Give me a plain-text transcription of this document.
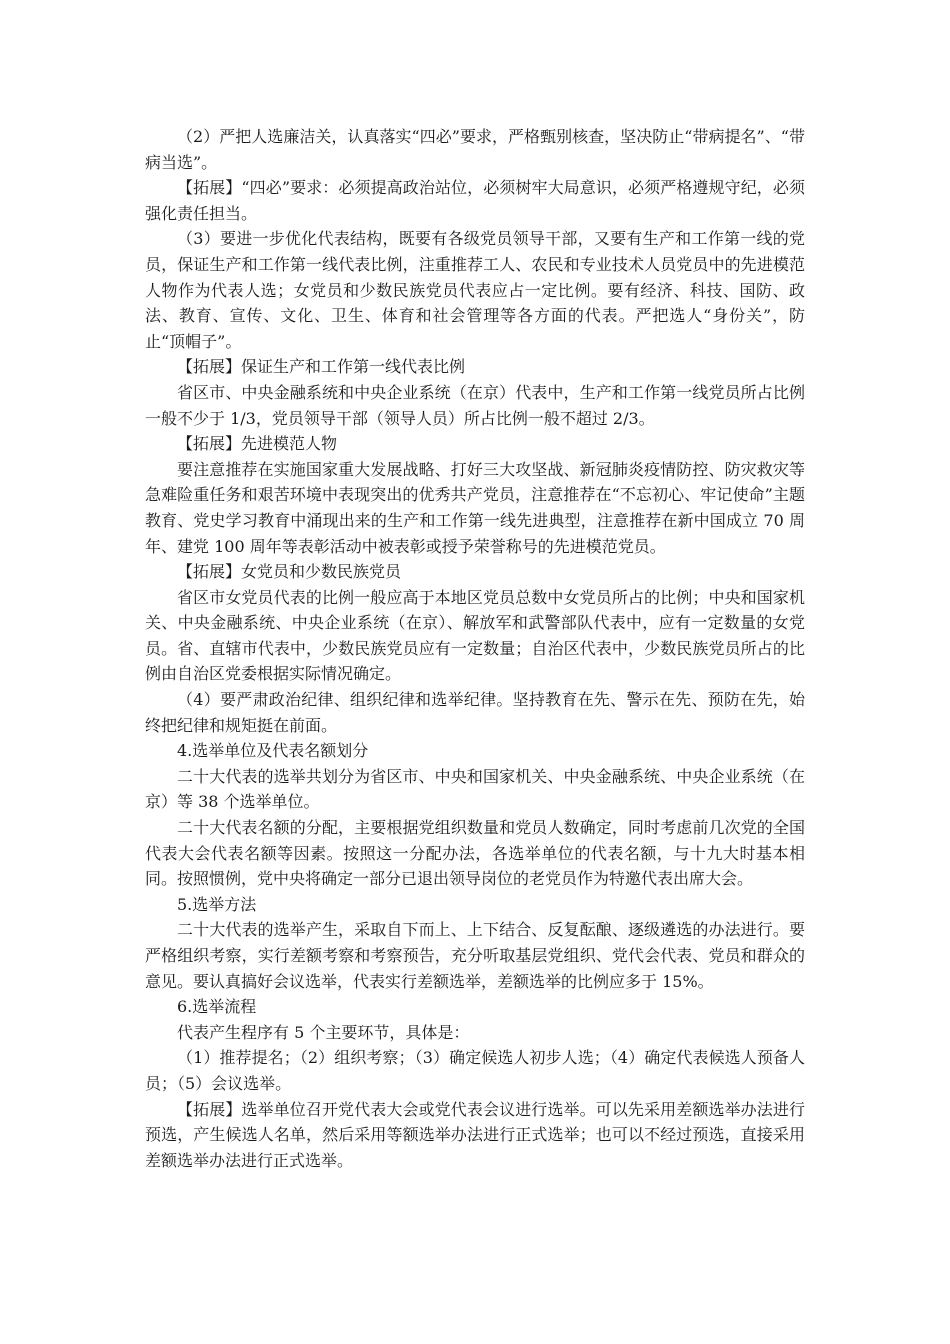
（2）严把人选廉洁关，认真落实“四必”要求，严格甄别核查，坚决防止“带病提名”、“带病当选”。

【拓展】“四必”要求：必须提高政治站位，必须树牢大局意识，必须严格遵规守纪，必须强化责任担当。

（3）要进一步优化代表结构，既要有各级党员领导干部，又要有生产和工作第一线的党员，保证生产和工作第一线代表比例，注重推荐工人、农民和专业技术人员党员中的先进模范人物作为代表人选；女党员和少数民族党员代表应占一定比例。要有经济、科技、国防、政法、教育、宣传、文化、卫生、体育和社会管理等各方面的代表。严把选人“身份关”，防止“顶帽子”。

【拓展】保证生产和工作第一线代表比例

省区市、中央金融系统和中央企业系统（在京）代表中，生产和工作第一线党员所占比例一般不少于 1/3，党员领导干部（领导人员）所占比例一般不超过 2/3。

【拓展】先进模范人物

要注意推荐在实施国家重大发展战略、打好三大攻坚战、新冠肺炎疫情防控、防灾救灾等急难险重任务和艰苦环境中表现突出的优秀共产党员，注意推荐在“不忘初心、牢记使命”主题教育、党史学习教育中涌现出来的生产和工作第一线先进典型，注意推荐在新中国成立 70 周年、建党 100 周年等表彰活动中被表彰或授予荣誉称号的先进模范党员。

【拓展】女党员和少数民族党员

省区市女党员代表的比例一般应高于本地区党员总数中女党员所占的比例；中央和国家机关、中央金融系统、中央企业系统（在京）、解放军和武警部队代表中，应有一定数量的女党员。省、直辖市代表中，少数民族党员应有一定数量；自治区代表中，少数民族党员所占的比例由自治区党委根据实际情况确定。

（4）要严肃政治纪律、组织纪律和选举纪律。坚持教育在先、警示在先、预防在先，始终把纪律和规矩挺在前面。

4.选举单位及代表名额划分

二十大代表的选举共划分为省区市、中央和国家机关、中央金融系统、中央企业系统（在京）等 38 个选举单位。

二十大代表名额的分配，主要根据党组织数量和党员人数确定，同时考虑前几次党的全国代表大会代表名额等因素。按照这一分配办法，各选举单位的代表名额，与十九大时基本相同。按照惯例，党中央将确定一部分已退出领导岗位的老党员作为特邀代表出席大会。

5.选举方法

二十大代表的选举产生，采取自下而上、上下结合、反复酝酿、逐级遴选的办法进行。要严格组织考察，实行差额考察和考察预告，充分听取基层党组织、党代会代表、党员和群众的意见。要认真搞好会议选举，代表实行差额选举，差额选举的比例应多于 15%。

6.选举流程

代表产生程序有 5 个主要环节，具体是：

（1）推荐提名；（2）组织考察；（3）确定候选人初步人选；（4）确定代表候选人预备人员；（5）会议选举。

【拓展】选举单位召开党代表大会或党代表会议进行选举。可以先采用差额选举办法进行预选，产生候选人名单，然后采用等额选举办法进行正式选举；也可以不经过预选，直接采用差额选举办法进行正式选举。
